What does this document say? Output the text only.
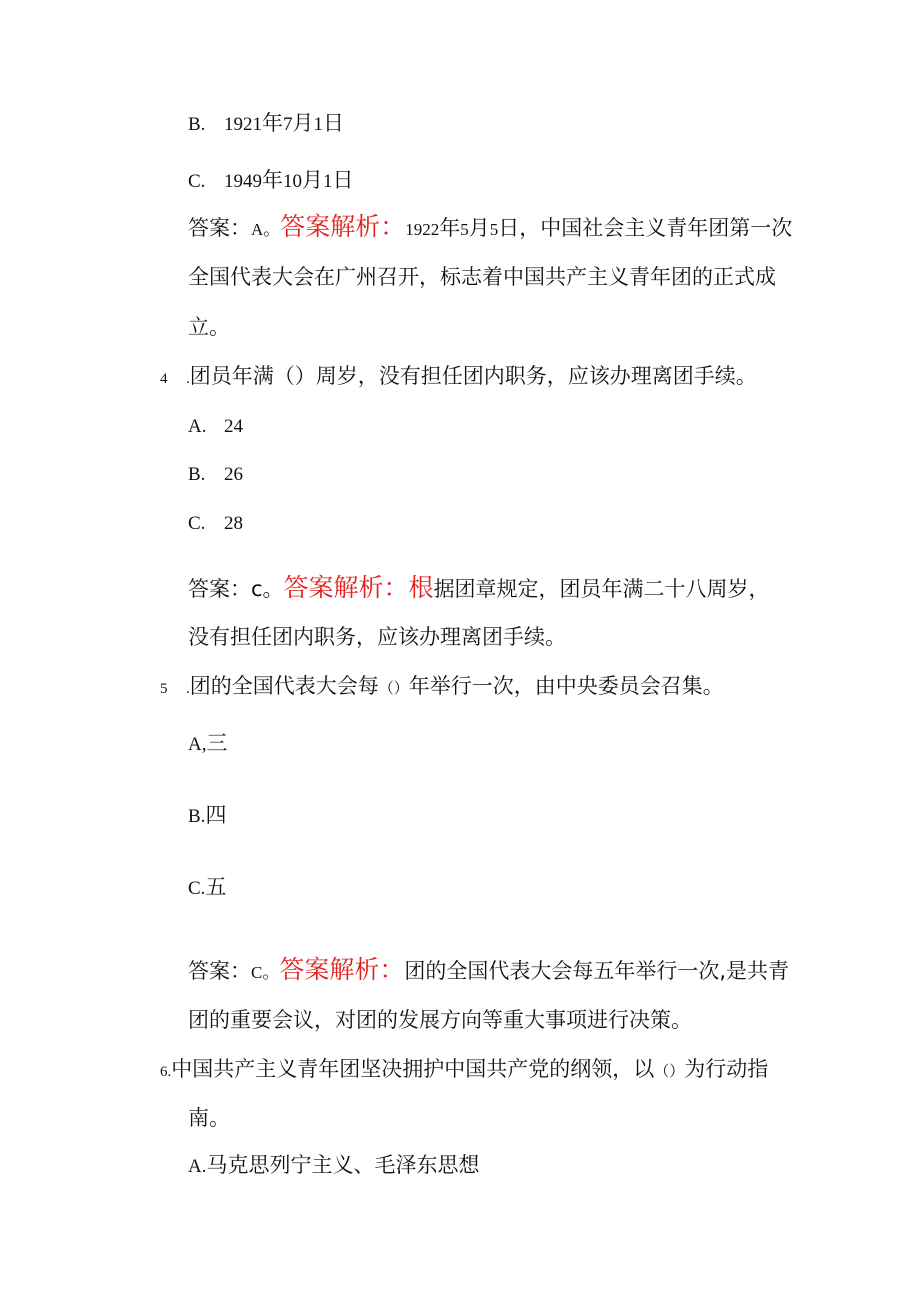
B. 1921年7月1日
C. 1949年10月1日
答案：A。答案解析：1922年5月5日，中国社会主义青年团第一次
全国代表大会在广州召开，标志着中国共产主义青年团的正式成
立。
4 .团员年满（）周岁，没有担任团内职务，应该办理离团手续。
A. 24
B. 26
C. 28
答案：c。答案解析：根据团章规定，团员年满二十八周岁，
没有担任团内职务，应该办理离团手续。
5 .团的全国代表大会每（）年举行一次，由中央委员会召集。
A,三
B.四
C.五
答案：C。答案解析：团的全国代表大会每五年举行一次,是共青
团的重要会议，对团的发展方向等重大事项进行决策。
6.中国共产主义青年团坚决拥护中国共产党的纲领，以（）为行动指
南。
A.马克思列宁主义、毛泽东思想
